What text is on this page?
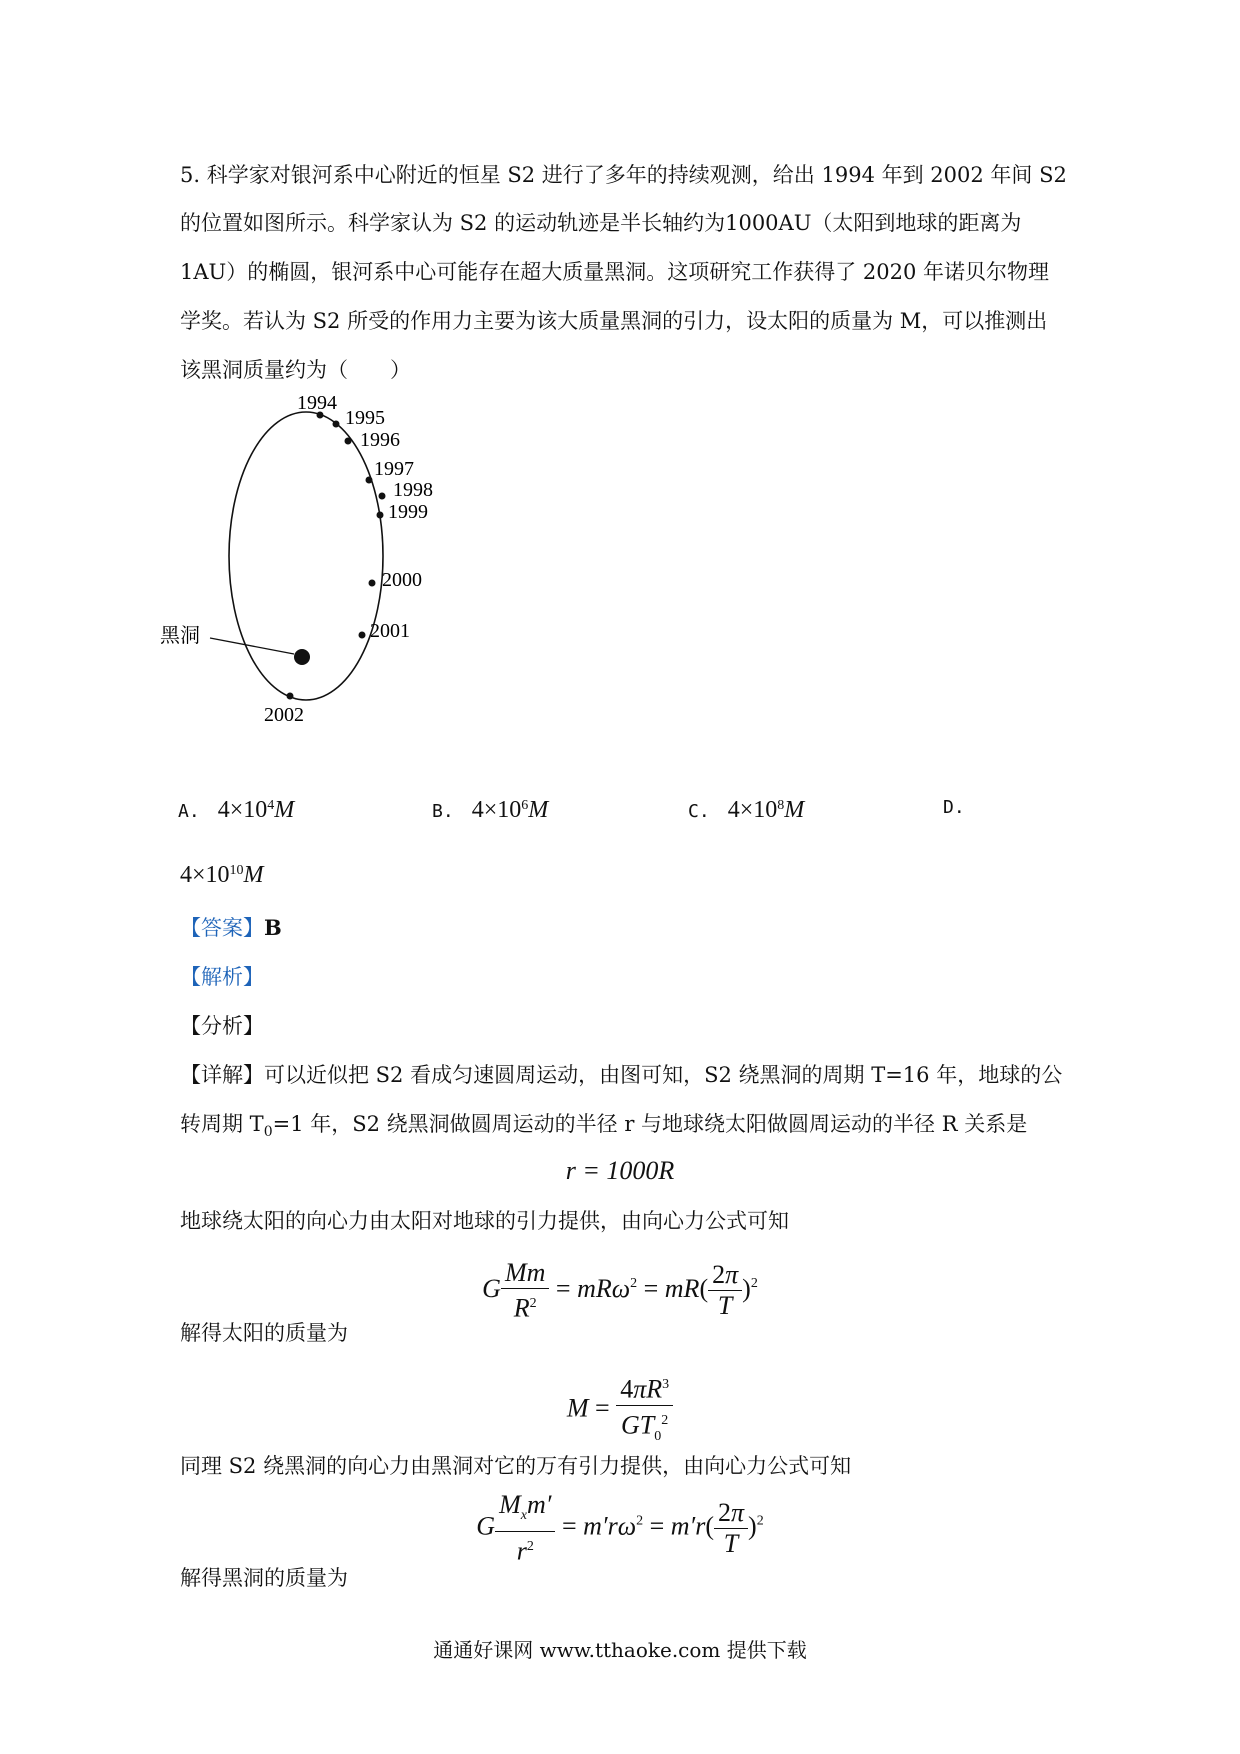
5. 科学家对银河系中心附近的恒星 S2 进行了多年的持续观测，给出 1994 年到 2002 年间 S2
的位置如图所示。科学家认为 S2 的运动轨迹是半长轴约为1000AU（太阳到地球的距离为
1AU）的椭圆，银河系中心可能存在超大质量黑洞。这项研究工作获得了 2020 年诺贝尔物理
学奖。若认为 S2 所受的作用力主要为该大质量黑洞的引力，设太阳的质量为 M，可以推测出
该黑洞质量约为（　　）
黑洞
1994
1995
1996
1997
1998
1999
2000
2001
2002
A. $4\times 10^4M$	B. $4\times 10^6M$	C. $4\times 10^8M$	D.
$4\times 10^{10}M$
【答案】B
【解析】
【分析】
【详解】可以近似把 S2 看成匀速圆周运动，由图可知，S2 绕黑洞的周期 T=16 年，地球的公
转周期 $T_0=1$ 年，S2 绕黑洞做圆周运动的半径 r 与地球绕太阳做圆周运动的半径 R 关系是
r = 1000R
地球绕太阳的向心力由太阳对地球的引力提供，由向心力公式可知
G $\frac{Mm}{R^2} = mR\omega^2 = mR( \frac{2\pi}{T} )^2$
解得太阳的质量为
$M = \frac{4\pi R^3}{GT_0^2}$
同理 S2 绕黑洞的向心力由黑洞对它的万有引力提供，由向心力公式可知
G $\frac{M_xm'}{r^2} = m'r\omega^2 = m'r( \frac{2\pi}{T} )^2$
解得黑洞的质量为
通通好课网 www.tthaoke.com 提供下载
